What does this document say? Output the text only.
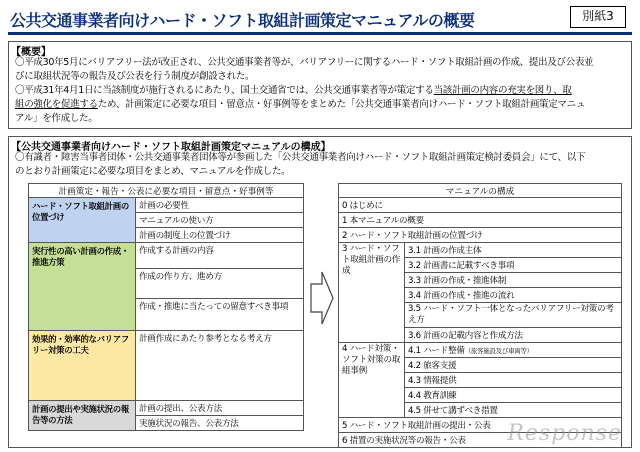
公共交通事業者向けハード・ソフト取組計画策定マニュアルの概要	別紙3
【概要】
〇平成30年5月にバリアフリー法が改正され、公共交通事業者等が、バリアフリーに関するハード・ソフト取組計画の作成、提出及び公表並
びに取組状況等の報告及び公表を行う制度が創設された。
〇平成31年4月1日に当該制度が施行されるにあたり、国土交通省では、公共交通事業者等が策定する当該計画の内容の充実を図り、取
組の強化を促進するため、計画策定に必要な項目・留意点・好事例等をまとめた「公共交通事業者向けハード・ソフト取組計画策定マニュ
アル」を作成した。
【公共交通事業者向けハード・ソフト取組計画策定マニュアルの構成】
〇有識者・障害当事者団体・公共交通事業者団体等が参画した「公共交通事業者向けハード・ソフト取組計画策定検討委員会」にて、以下
のとおり計画策定に必要な項目をまとめ、マニュアルを作成した。
計画策定・報告・公表に必要な項目・留意点・好事例等	
ハード・ソフト取組計画の位置づけ	計画の必要性
	マニュアルの使い方
	計画の制度上の位置づけ
実行性の高い計画の作成・推進方策	作成する計画の内容
	作成の作り方、進め方
	作成・推進に当たっての留意すべき事項
効果的・効率的なバリアフリー対策の工夫	計画作成にあたり参考となる考え方
計画の提出や実施状況の報告等の方法	計画の提出、公表方法
	実施状況の報告、公表方法
マニュアルの構成	
0 はじめに	
1 本マニュアルの概要	
2 ハード・ソフト取組計画の位置づけ	
3 ハード・ソフト取組計画の作成	3.1 計画の作成主体
	3.2 計画書に記載すべき事項
	3.3 計画の作成・推進体制
	3.4 計画の作成・推進の流れ
	3.5 ハード・ソフト一体となったバリアフリー対策の考え方
	3.6 計画の記載内容と作成方法
4 ハード対策・ソフト対策の取組事例	4.1 ハード整備（旅客施設及び車両等）
	4.2 旅客支援
	4.3 情報提供
	4.4 教育訓練
	4.5 併せて講ずべき措置
5 ハード・ソフト取組計画の提出・公表	
6 措置の実施状況等の報告・公表	Response
